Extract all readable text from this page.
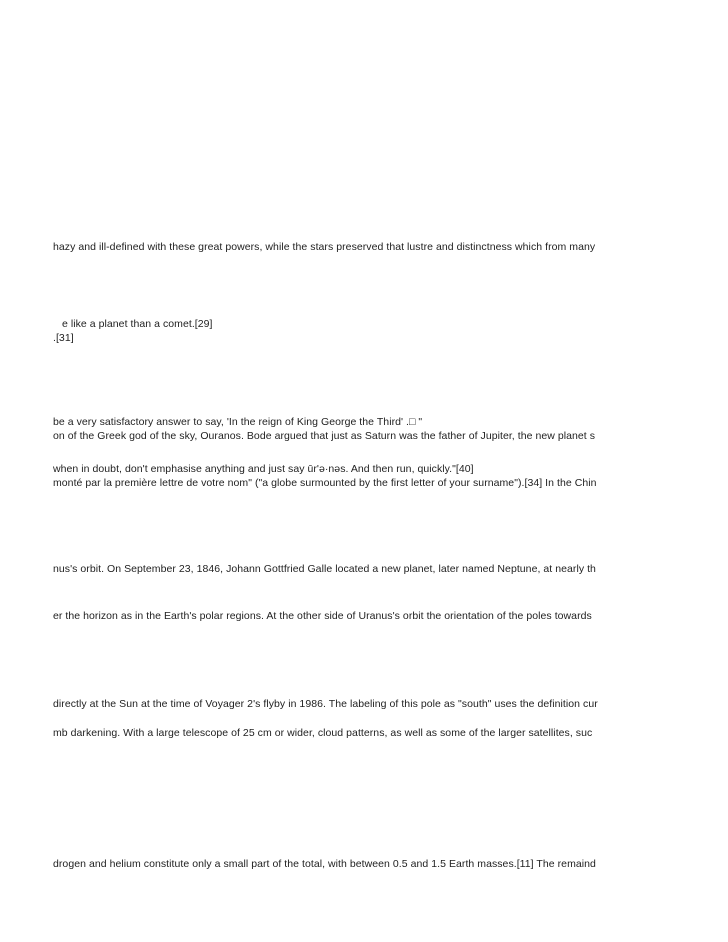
hazy and ill-defined with these great powers, while the stars preserved that lustre and distinctness which from many
e like a planet than a comet.[29]
.[31]
be a very satisfactory answer to say, 'In the reign of King George the Third' .□ "
on of the Greek god of the sky, Ouranos. Bode argued that just as Saturn was the father of Jupiter, the new planet s
when in doubt, don't emphasise anything and just say ūr'ə·nəs. And then run, quickly."[40]
monté par la première lettre de votre nom" ("a globe surmounted by the first letter of your surname").[34] In the Chin
nus's orbit. On September 23, 1846, Johann Gottfried Galle located a new planet, later named Neptune, at nearly th
er the horizon as in the Earth's polar regions. At the other side of Uranus's orbit the orientation of the poles towards
directly at the Sun at the time of Voyager 2's flyby in 1986. The labeling of this pole as "south" uses the definition cur
mb darkening. With a large telescope of 25 cm or wider, cloud patterns, as well as some of the larger satellites, suc
drogen and helium constitute only a small part of the total, with between 0.5 and 1.5 Earth masses.[11] The remaind
